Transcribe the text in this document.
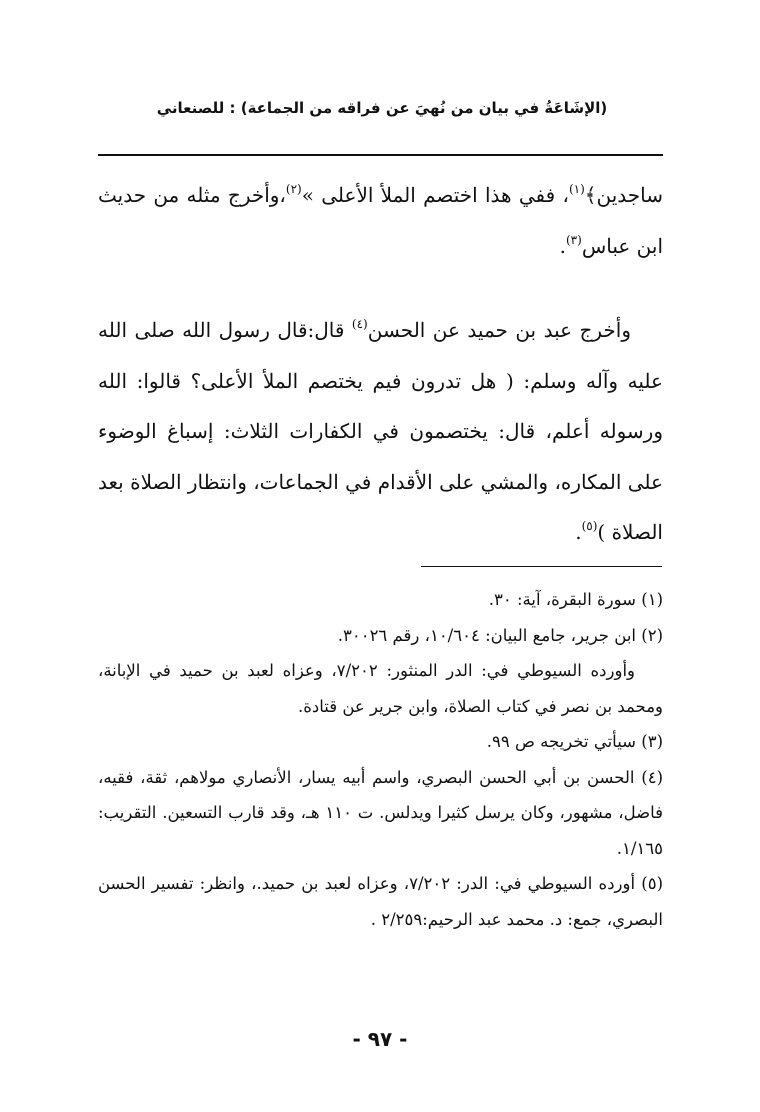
(الإشَاعَةُ في بيان من نُهيَ عن فراقه من الجماعة) : للصنعاني

ساجدين﴾$^{(١)}$، ففي هذا اختصم الملأ الأعلى »$^{(٢)}$،وأخرج مثله من حديث ابن عباس$^{(٣)}$.

وأخرج عبد بن حميد عن الحسن$^{(٤)}$ قال:قال رسول الله صلى الله عليه وآله وسلم: ( هل تدرون فيم يختصم الملأ الأعلى؟ قالوا: الله ورسوله أعلم، قال: يختصمون في الكفارات الثلاث: إسباغ الوضوء على المكاره، والمشي على الأقدام في الجماعات، وانتظار الصلاة بعد الصلاة )$^{(٥)}$.

(١) سورة البقرة، آية: ٣٠.

(٢) ابن جرير، جامع البيان: ١٠/٦٠٤، رقم ٣٠٠٢٦.

وأورده السيوطي في: الدر المنثور: ٧/٢٠٢، وعزاه لعبد بن حميد في الإبانة، ومحمد بن نصر في كتاب الصلاة، وابن جرير عن قتادة.

(٣) سيأتي تخريجه ص ٩٩.

(٤) الحسن بن أبي الحسن البصري، واسم أبيه يسار، الأنصاري مولاهم، ثقة، فقيه، فاضل، مشهور، وكان يرسل كثيرا ويدلس. ت ١١٠ هـ، وقد قارب التسعين. التقريب: ١/١٦٥.

(٥) أورده السيوطي في: الدر: ٧/٢٠٢، وعزاه لعبد بن حميد.، وانظر: تفسير الحسن البصري، جمع: د. محمد عبد الرحيم:٢/٢٥٩ .

- ٩٧ -
